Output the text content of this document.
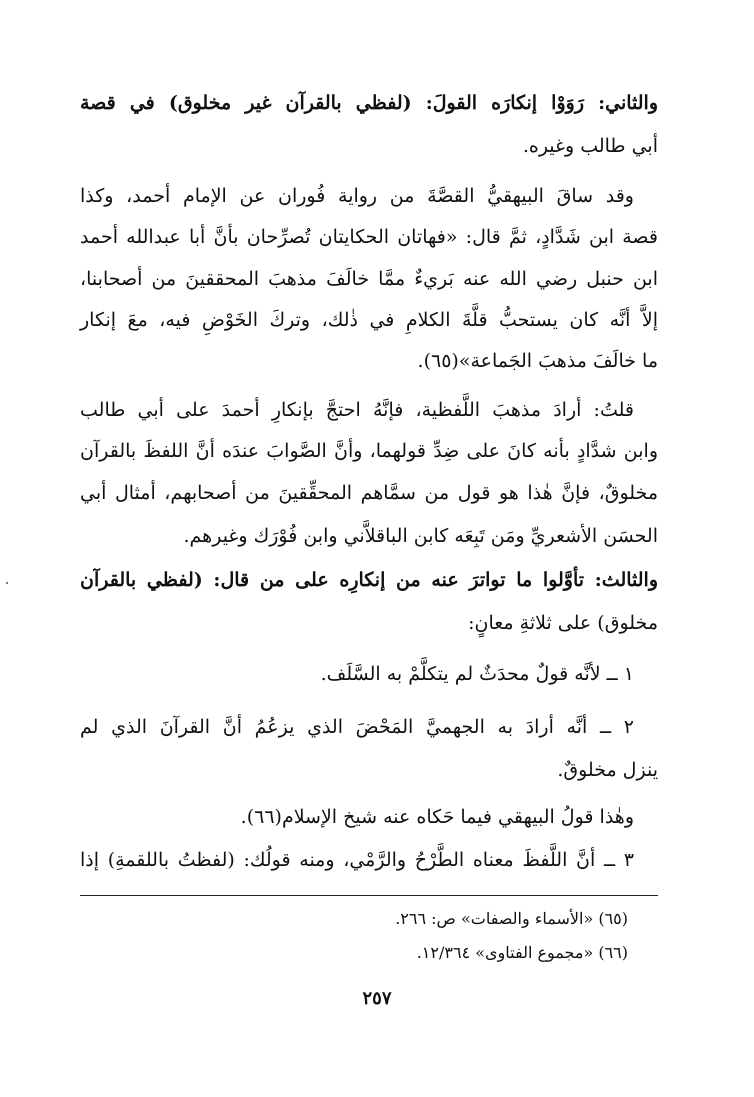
والثاني: رَوَوْا إنكارَه القولَ: (لفظي بالقرآن غير مخلوق) في قصة
أبي طالب وغيره.
وقد ساقَ البيهقيُّ القصَّةَ من رواية فُوران عن الإمام أحمد، وكذا
قصة ابن شَدَّادٍ، ثمَّ قال: «فهاتان الحكايتان تُصرِّحان بأنَّ أبا عبدالله أحمد
ابن حنبل رضي الله عنه بَريءٌ ممَّا خالَفَ مذهبَ المحققينَ من أصحابنا،
إلاَّ أنَّه كان يستحبُّ قلَّةَ الكلامِ في ذٰلك، وتركَ الخَوْضِ فيه، معَ إنكار
ما خالَفَ مذهبَ الجَماعة»(٦٥).
قلتُ: أرادَ مذهبَ اللَّفظية، فإنَّهُ احتجَّ بإنكارِ أحمدَ على أبي طالب
وابن شدَّادٍ بأنه كانَ على ضِدِّ قولهما، وأنَّ الصَّوابَ عندَه أنَّ اللفظَ بالقرآن
مخلوقٌ، فإنَّ هٰذا هو قول من سمَّاهم المحقِّقينَ من أصحابهم، أمثال أبي
الحسَن الأشعريِّ ومَن تَبِعَه كابن الباقلاَّني وابن فُوْرَك وغيرهم.
والثالث: تأوَّلوا ما تواترَ عنه من إنكارِه على من قال: (لفظي بالقرآن
مخلوق) على ثلاثةِ معانٍ:
١ ــ لأنَّه قولٌ محدَثٌ لم يتكلَّمْ به السَّلَف.
٢ ــ أنَّه أرادَ به الجهميَّ المَحْضَ الذي يزعُمُ أنَّ القرآنَ الذي لم
ينزل مخلوقٌ.
وهٰذا قولُ البيهقي فيما حَكاه عنه شيخ الإسلام(٦٦).
٣ ــ أنَّ اللَّفظَ معناه الطَّرْحُ والرَّمْي، ومنه قولُك: (لفظتُ باللقمةِ) إذا
(٦٥) «الأسماء والصفات» ص: ٢٦٦.
(٦٦) «مجموع الفتاوى» ١٢/٣٦٤.
٢٥٧
